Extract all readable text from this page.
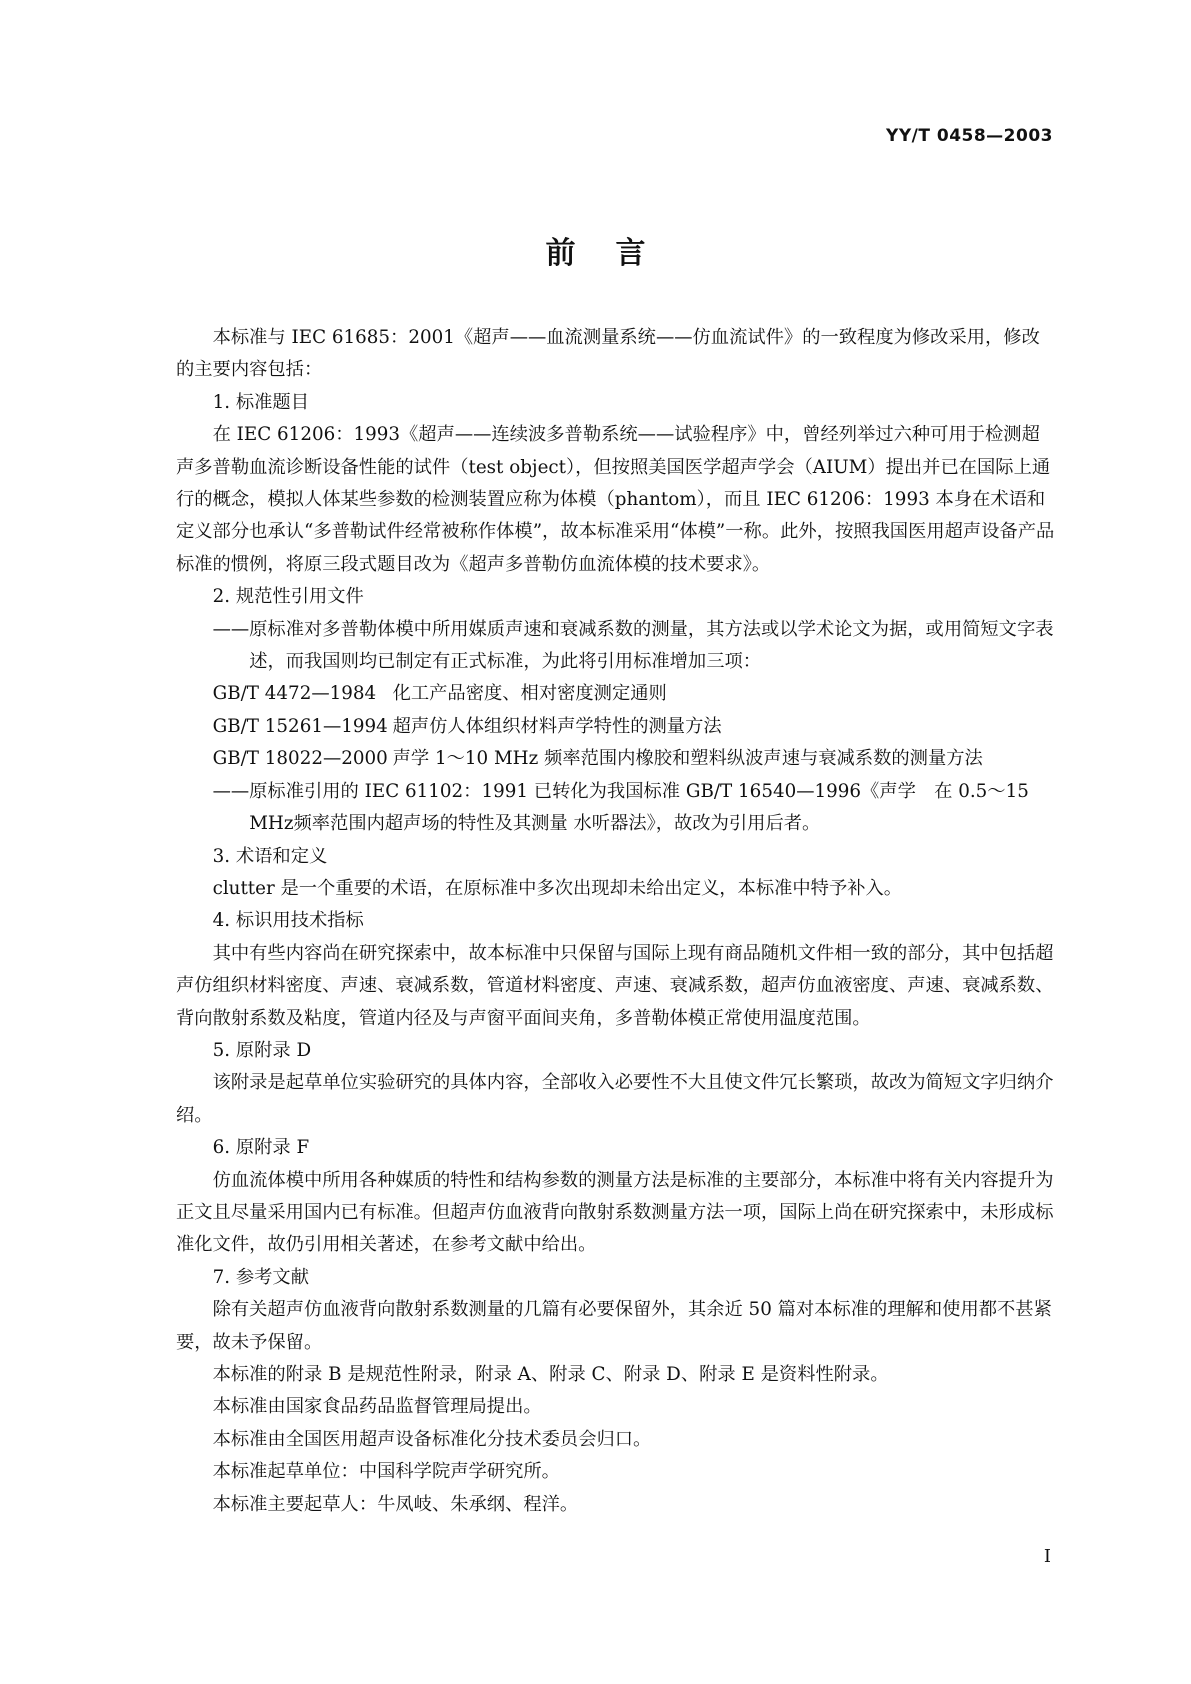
YY/T 0458—2003
前言

本标准与 IEC 61685：2001《超声——血流测量系统——仿血流试件》的一致程度为修改采用，修改的主要内容包括：

1. 标准题目

在 IEC 61206：1993《超声——连续波多普勒系统——试验程序》中，曾经列举过六种可用于检测超声多普勒血流诊断设备性能的试件（test object），但按照美国医学超声学会（AIUM）提出并已在国际上通行的概念，模拟人体某些参数的检测装置应称为体模（phantom），而且 IEC 61206：1993 本身在术语和定义部分也承认“多普勒试件经常被称作体模”，故本标准采用“体模”一称。此外，按照我国医用超声设备产品标准的惯例，将原三段式题目改为《超声多普勒仿血流体模的技术要求》。

2. 规范性引用文件

——原标准对多普勒体模中所用媒质声速和衰减系数的测量，其方法或以学术论文为据，或用简短文字表述，而我国则均已制定有正式标准，为此将引用标准增加三项：

GB/T 4472—1984 化工产品密度、相对密度测定通则

GB/T 15261—1994 超声仿人体组织材料声学特性的测量方法

GB/T 18022—2000 声学 1～10 MHz 频率范围内橡胶和塑料纵波声速与衰减系数的测量方法

——原标准引用的 IEC 61102：1991 已转化为我国标准 GB/T 16540—1996《声学　在 0.5～15 MHz频率范围内超声场的特性及其测量 水听器法》，故改为引用后者。

3. 术语和定义

clutter 是一个重要的术语，在原标准中多次出现却未给出定义，本标准中特予补入。

4. 标识用技术指标

其中有些内容尚在研究探索中，故本标准中只保留与国际上现有商品随机文件相一致的部分，其中包括超声仿组织材料密度、声速、衰减系数，管道材料密度、声速、衰减系数，超声仿血液密度、声速、衰减系数、背向散射系数及粘度，管道内径及与声窗平面间夹角，多普勒体模正常使用温度范围。

5. 原附录 D

该附录是起草单位实验研究的具体内容，全部收入必要性不大且使文件冗长繁琐，故改为简短文字归纳介绍。

6. 原附录 F

仿血流体模中所用各种媒质的特性和结构参数的测量方法是标准的主要部分，本标准中将有关内容提升为正文且尽量采用国内已有标准。但超声仿血液背向散射系数测量方法一项，国际上尚在研究探索中，未形成标准化文件，故仍引用相关著述，在参考文献中给出。

7. 参考文献

除有关超声仿血液背向散射系数测量的几篇有必要保留外，其余近 50 篇对本标准的理解和使用都不甚紧要，故未予保留。

本标准的附录 B 是规范性附录，附录 A、附录 C、附录 D、附录 E 是资料性附录。

本标准由国家食品药品监督管理局提出。

本标准由全国医用超声设备标准化分技术委员会归口。

本标准起草单位：中国科学院声学研究所。

本标准主要起草人：牛凤岐、朱承纲、程洋。

I
